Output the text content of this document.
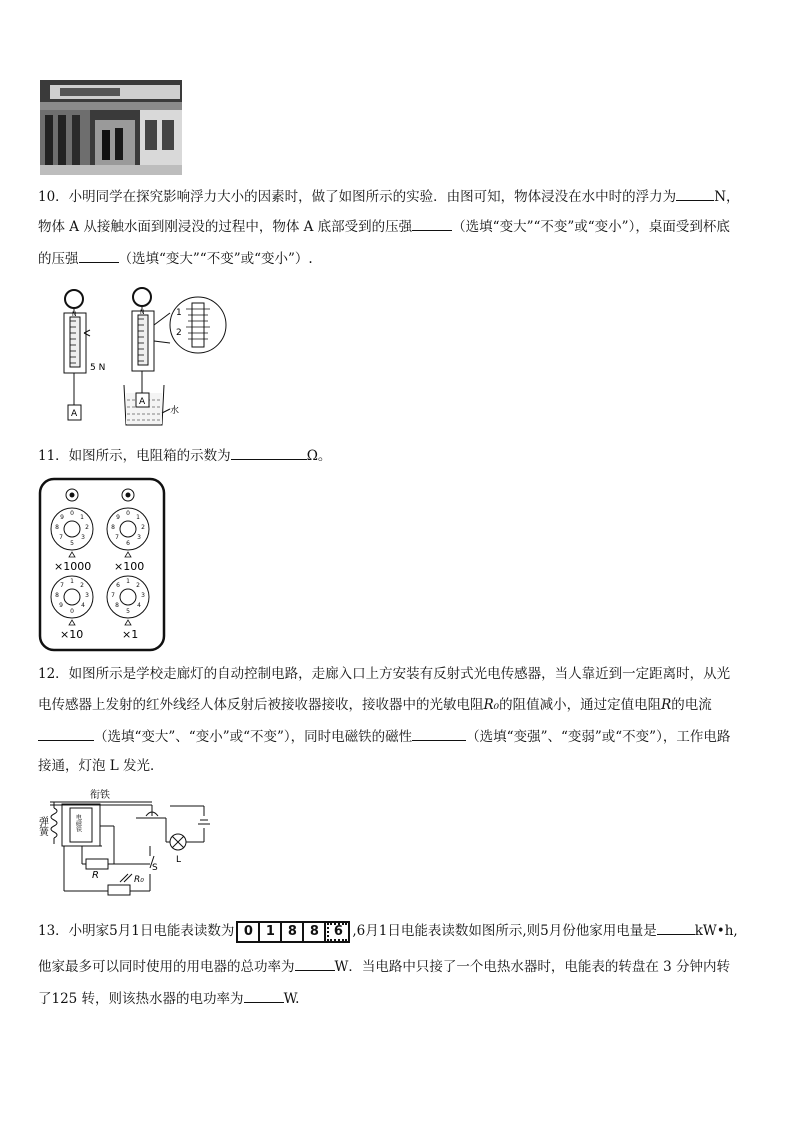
10．小明同学在探究影响浮力大小的因素时，做了如图所示的实验．由图可知，物体浸没在水中时的浮力为	N，
物体 A 从接触水面到刚浸没的过程中，物体 A 底部受到的压强	（选填“变大”“不变”或“变小”），桌面受到杯底
的压强	（选填“变大”“不变”或“变小”）.
A
N
5 N
N	1
2
A
水
11．如图所示，电阻箱的示数为	Ω。
0
1
2
3
5
7
8
9
0
1
2
3
6
7
8
9
1
2
3
4
0
9
8
7
1
2
3
4
5
8
7
6
×1000 ×100
×10	×1
12．如图所示是学校走廊灯的自动控制电路，走廊入口上方安装有反射式光电传感器，当人靠近到一定距离时，从光
电传感器上发射的红外线经人体反射后被接收器接收，接收器中的光敏电阻R₀的阻值减小，通过定值电阻R的电流
（选填“变大”、“变小”或“不变”），同时电磁铁的磁性	（选填“变强”、“变弱”或“不变”），工作电路
接通，灯泡 L 发光．
衔铁
弹簧	电磁铁
R	R₀
S
L
13．小明家5月1日电能表读数为 0 1 8 8	6 ,6月1日电能表读数如图所示,则5月份他家用电量是	kW•h,
他家最多可以同时使用的用电器的总功率为	W．当电路中只接了一个电热水器时，电能表的转盘在 3 分钟内转
了125 转，则该热水器的电功率为	W.
